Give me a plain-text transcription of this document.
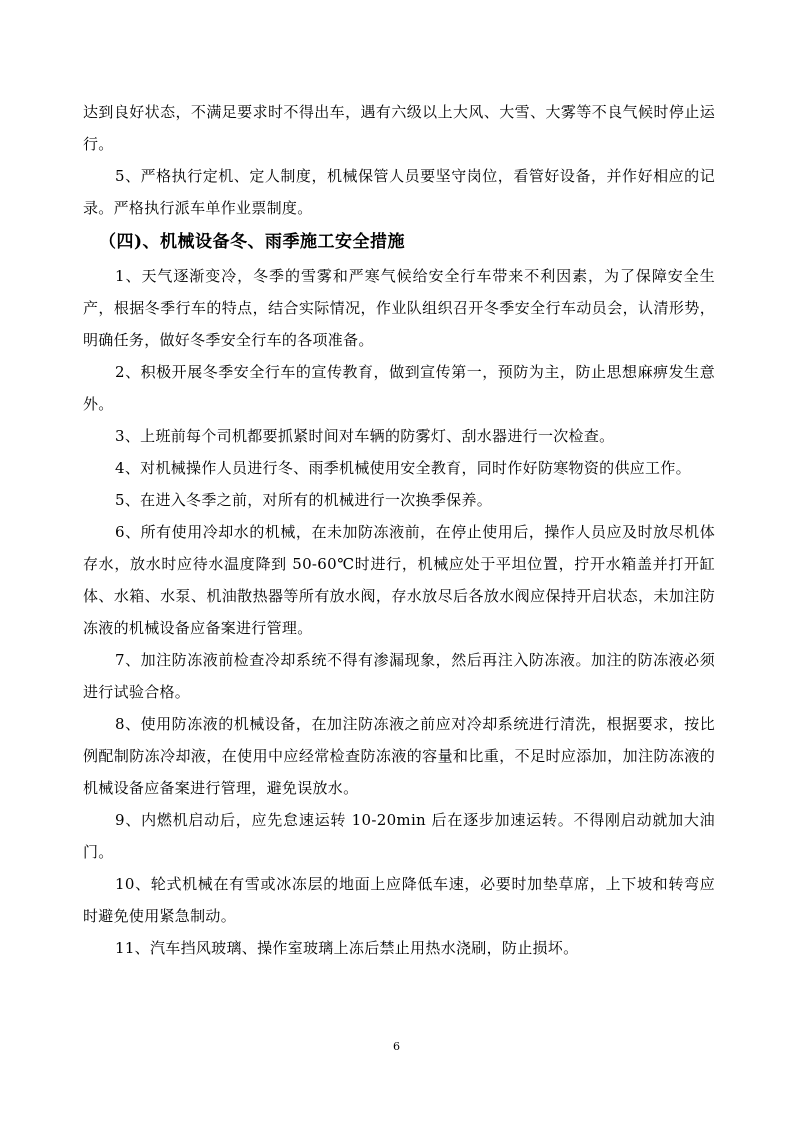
达到良好状态，不满足要求时不得出车，遇有六级以上大风、大雪、大雾等不良气候时停止运行。

5、严格执行定机、定人制度，机械保管人员要坚守岗位，看管好设备，并作好相应的记录。严格执行派车单作业票制度。

（四)、机械设备冬、雨季施工安全措施

1、天气逐渐变冷，冬季的雪雾和严寒气候给安全行车带来不利因素，为了保障安全生产，根据冬季行车的特点，结合实际情况，作业队组织召开冬季安全行车动员会，认清形势，明确任务，做好冬季安全行车的各项准备。

2、积极开展冬季安全行车的宣传教育，做到宣传第一，预防为主，防止思想麻痹发生意外。

3、上班前每个司机都要抓紧时间对车辆的防雾灯、刮水器进行一次检查。

4、对机械操作人员进行冬、雨季机械使用安全教育，同时作好防寒物资的供应工作。

5、在进入冬季之前，对所有的机械进行一次换季保养。

6、所有使用冷却水的机械，在未加防冻液前，在停止使用后，操作人员应及时放尽机体存水，放水时应待水温度降到 50-60℃时进行，机械应处于平坦位置，拧开水箱盖并打开缸体、水箱、水泵、机油散热器等所有放水阀，存水放尽后各放水阀应保持开启状态，未加注防冻液的机械设备应备案进行管理。

7、加注防冻液前检查冷却系统不得有渗漏现象，然后再注入防冻液。加注的防冻液必须进行试验合格。

8、使用防冻液的机械设备，在加注防冻液之前应对冷却系统进行清洗，根据要求，按比例配制防冻冷却液，在使用中应经常检查防冻液的容量和比重，不足时应添加，加注防冻液的机械设备应备案进行管理，避免误放水。

9、内燃机启动后，应先怠速运转 10-20min 后在逐步加速运转。不得刚启动就加大油门。

10、轮式机械在有雪或冰冻层的地面上应降低车速，必要时加垫草席，上下坡和转弯应时避免使用紧急制动。

11、汽车挡风玻璃、操作室玻璃上冻后禁止用热水浇刷，防止损坏。

6
